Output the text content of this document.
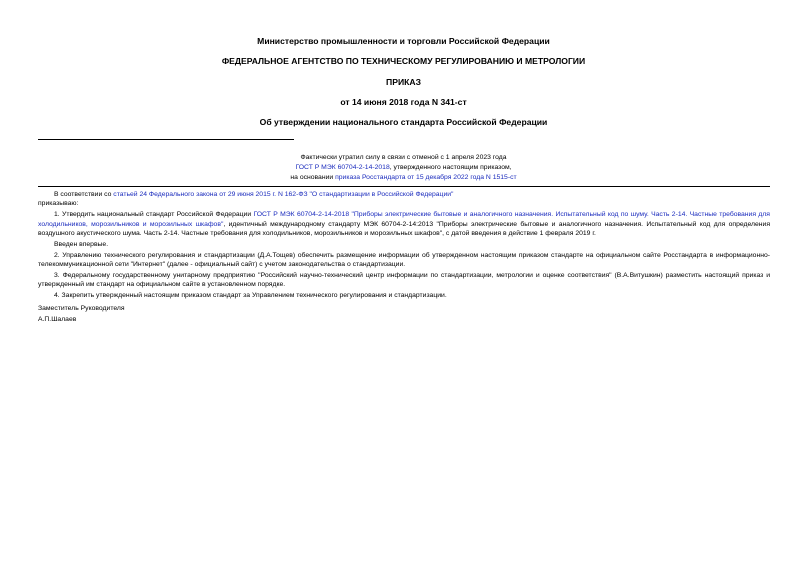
Министерство промышленности и торговли Российской Федерации
ФЕДЕРАЛЬНОЕ АГЕНТСТВО ПО ТЕХНИЧЕСКОМУ РЕГУЛИРОВАНИЮ И МЕТРОЛОГИИ
ПРИКАЗ
от 14 июня 2018 года N 341-ст
Об утверждении национального стандарта Российской Федерации
Фактически утратил силу в связи с отменой с 1 апреля 2023 года
ГОСТ Р МЭК 60704-2-14-2018, утвержденного настоящим приказом,
на основании приказа Росстандарта от 15 декабря 2022 года N 1515-ст

В соответствии со статьей 24 Федерального закона от 29 июня 2015 г. N 162-ФЗ "О стандартизации в Российской Федерации"

приказываю:

1. Утвердить национальный стандарт Российской Федерации ГОСТ Р МЭК 60704-2-14-2018 "Приборы электрические бытовые и аналогичного назначения. Испытательный код по шуму. Часть 2-14. Частные требования для холодильников, морозильников и морозильных шкафов", идентичный международному стандарту МЭК 60704-2-14:2013 "Приборы электрические бытовые и аналогичного назначения. Испытательный код для определения воздушного акустического шума. Часть 2-14. Частные требования для холодильников, морозильников и морозильных шкафов", с датой введения в действие 1 февраля 2019 г.

Введен впервые.

2. Управлению технического регулирования и стандартизации (Д.А.Тощев) обеспечить размещение информации об утвержденном настоящим приказом стандарте на официальном сайте Росстандарта в информационно-телекоммуникационной сети "Интернет" (далее - официальный сайт) с учетом законодательства о стандартизации.

3. Федеральному государственному унитарному предприятию "Российский научно-технический центр информации по стандартизации, метрологии и оценке соответствия" (В.А.Витушкин) разместить настоящий приказ и утвержденный им стандарт на официальном сайте в установленном порядке.

4. Закрепить утвержденный настоящим приказом стандарт за Управлением технического регулирования и стандартизации.

Заместитель Руководителя

А.П.Шалаев
